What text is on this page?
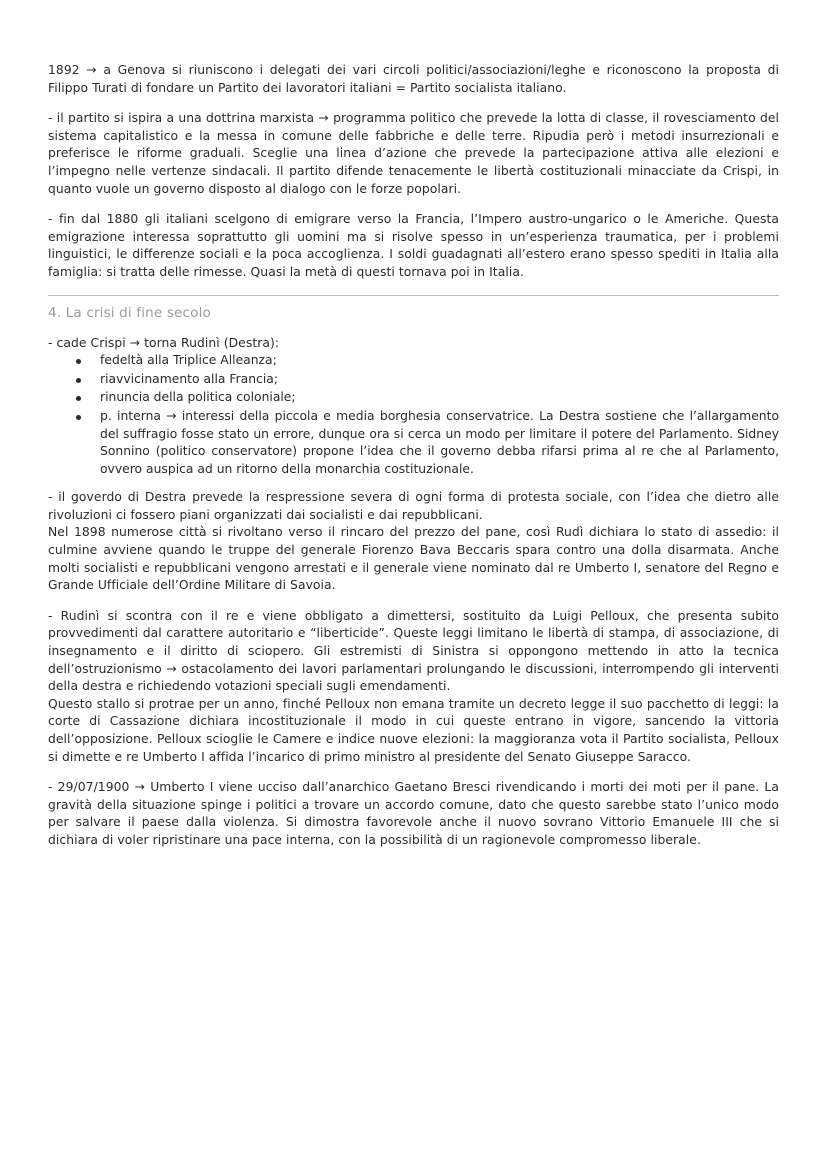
1892 → a Genova si riuniscono i delegati dei vari circoli politici/associazioni/leghe e riconoscono la proposta di Filippo Turati di fondare un Partito dei lavoratori italiani = Partito socialista italiano.

- il partito si ispira a una dottrina marxista → programma politico che prevede la lotta di classe, il rovesciamento del sistema capitalistico e la messa in comune delle fabbriche e delle terre. Ripudia però i metodi insurrezionali e preferisce le riforme graduali. Sceglie una linea d’azione che prevede la partecipazione attiva alle elezioni e l’impegno nelle vertenze sindacali. Il partito difende tenacemente le libertà costituzionali minacciate da Crispi, in quanto vuole un governo disposto al dialogo con le forze popolari.

- fin dal 1880 gli italiani scelgono di emigrare verso la Francia, l’Impero austro-ungarico o le Americhe. Questa emigrazione interessa soprattutto gli uomini ma si risolve spesso in un’esperienza traumatica, per i problemi linguistici, le differenze sociali e la poca accoglienza. I soldi guadagnati all’estero erano spesso spediti in Italia alla famiglia: si tratta delle rimesse. Quasi la metà di questi tornava poi in Italia.

4. La crisi di fine secolo

- cade Crispi → torna Rudinì (Destra):

fedeltà alla Triplice Alleanza;
riavvicinamento alla Francia;
rinuncia della politica coloniale;
p. interna → interessi della piccola e media borghesia conservatrice. La Destra sostiene che l’allargamento del suffragio fosse stato un errore, dunque ora si cerca un modo per limitare il potere del Parlamento. Sidney Sonnino (politico conservatore) propone l’idea che il governo debba rifarsi prima al re che al Parlamento, ovvero auspica ad un ritorno della monarchia costituzionale.

- il goverdo di Destra prevede la respressione severa di ogni forma di protesta sociale, con l’idea che dietro alle rivoluzioni ci fossero piani organizzati dai socialisti e dai repubblicani.

Nel 1898 numerose città si rivoltano verso il rincaro del prezzo del pane, così Rudì dichiara lo stato di assedio: il culmine avviene quando le truppe del generale Fiorenzo Bava Beccaris spara contro una dolla disarmata. Anche molti socialisti e repubblicani vengono arrestati e il generale viene nominato dal re Umberto I, senatore del Regno e Grande Ufficiale dell’Ordine Militare di Savoia.

- Rudinì si scontra con il re e viene obbligato a dimettersi, sostituito da Luigi Pelloux, che presenta subito provvedimenti dal carattere autoritario e “liberticide”. Queste leggi limitano le libertà di stampa, di associazione, di insegnamento e il diritto di sciopero. Gli estremisti di Sinistra si oppongono mettendo in atto la tecnica dell’ostruzionismo → ostacolamento dei lavori parlamentari prolungando le discussioni, interrompendo gli interventi della destra e richiedendo votazioni speciali sugli emendamenti.

Questo stallo si protrae per un anno, finché Pelloux non emana tramite un decreto legge il suo pacchetto di leggi: la corte di Cassazione dichiara incostituzionale il modo in cui queste entrano in vigore, sancendo la vittoria dell’opposizione. Pelloux scioglie le Camere e indice nuove elezioni: la maggioranza vota il Partito socialista, Pelloux si dimette e re Umberto I affida l’incarico di primo ministro al presidente del Senato Giuseppe Saracco.

- 29/07/1900 → Umberto I viene ucciso dall’anarchico Gaetano Bresci rivendicando i morti dei moti per il pane. La gravità della situazione spinge i politici a trovare un accordo comune, dato che questo sarebbe stato l’unico modo per salvare il paese dalla violenza. Si dimostra favorevole anche il nuovo sovrano Vittorio Emanuele III che si dichiara di voler ripristinare una pace interna, con la possibilità di un ragionevole compromesso liberale.
